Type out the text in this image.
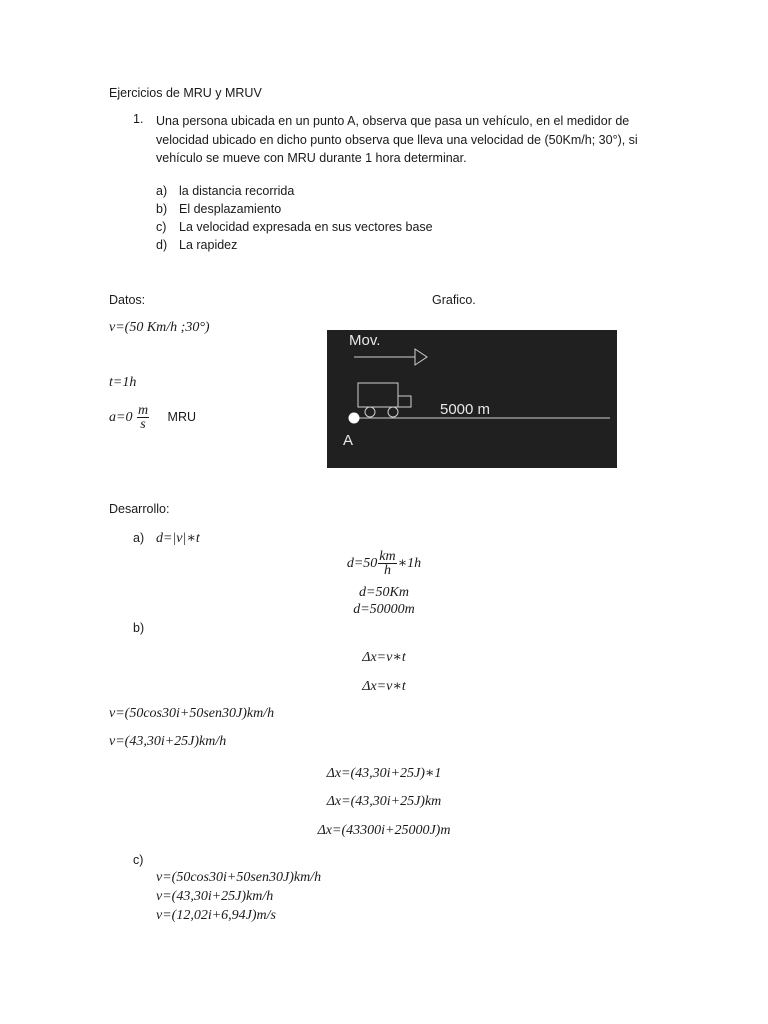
Ejercicios de MRU y MRUV
1. Una persona ubicada en un punto A, observa que pasa un vehículo, en el medidor de velocidad ubicado en dicho punto observa que lleva una velocidad de (50Km/h; 30°), si vehículo se mueve con MRU durante 1 hora determinar.
a) la distancia recorrida
b) El desplazamiento
c) La velocidad expresada en sus vectores base
d) La rapidez
Datos:
v=(50 Km/h ;30°)
t=1h
$a=0 \frac{m}{s}$ MRU
Grafico.
Mov.
5000 m
A
Desarrollo:
a) d=|v|∗t
$d=50 \frac{km}{h}$ ∗1h
d=50Km
d=50000m
b)
Δx=v∗t
Δx=v∗t
v=(50cos30i+50sen30J)km/h
v=(43,30i+25J)km/h
Δx=(43,30i+25J)∗1
Δx=(43,30i+25J)km
Δx=(43300i+25000J)m
c)
v=(50cos30i+50sen30J)km/h
v=(43,30i+25J)km/h
v=(12,02i+6,94J)m/s
